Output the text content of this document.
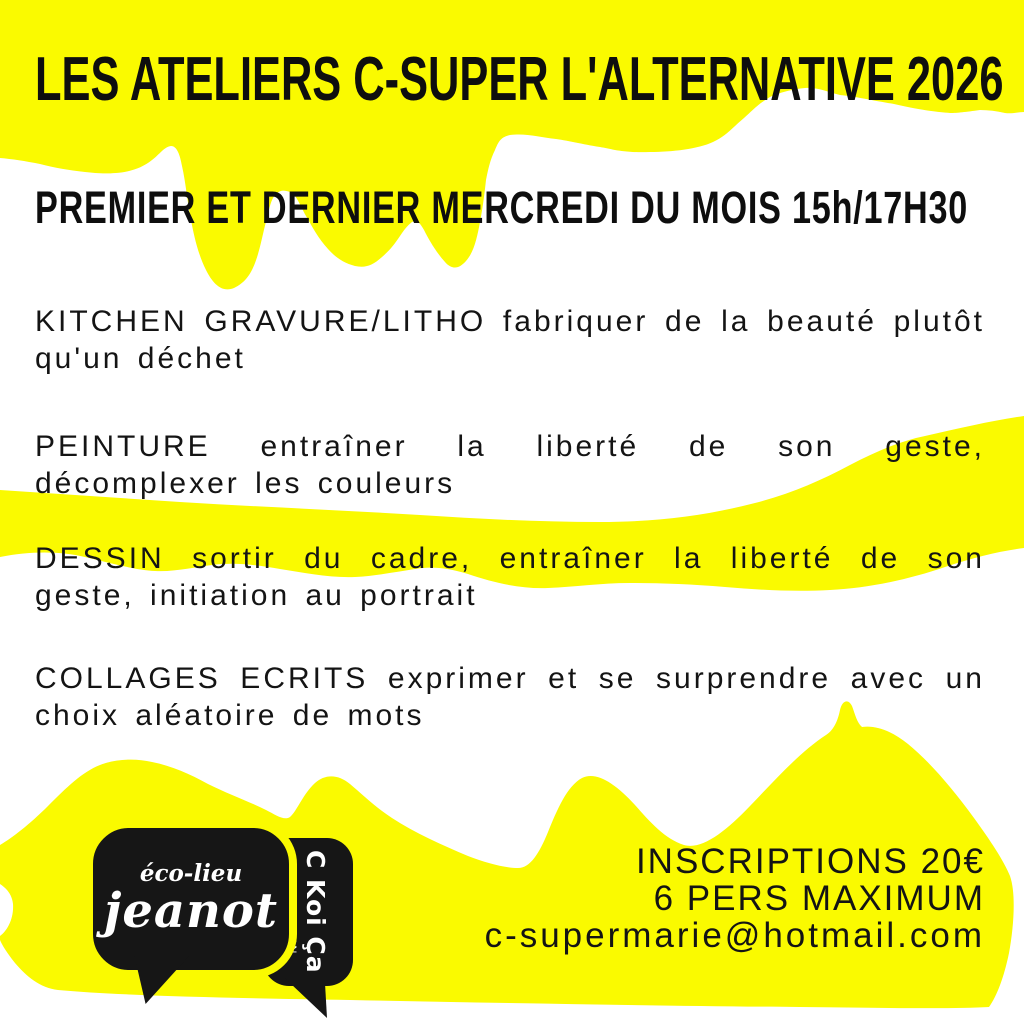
LES ATELIERS C-SUPER L'ALTERNATIVE 2026
PREMIER ET DERNIER MERCREDI DU MOIS 15h/17H30

KITCHEN GRAVURE/LITHO fabriquer de la beauté plutôt qu'un déchet

PEINTURE entraîner la liberté de son geste, décomplexer les couleurs

DESSIN sortir du cadre, entraîner la liberté de son geste, initiation au portrait

COLLAGES ECRITS exprimer et se surprendre avec un choix aléatoire de mots

INSCRIPTIONS 20€
6 PERS MAXIMUM
c-supermarie@hotmail.com
C Koi Ça
éco-lieu
jeanot
